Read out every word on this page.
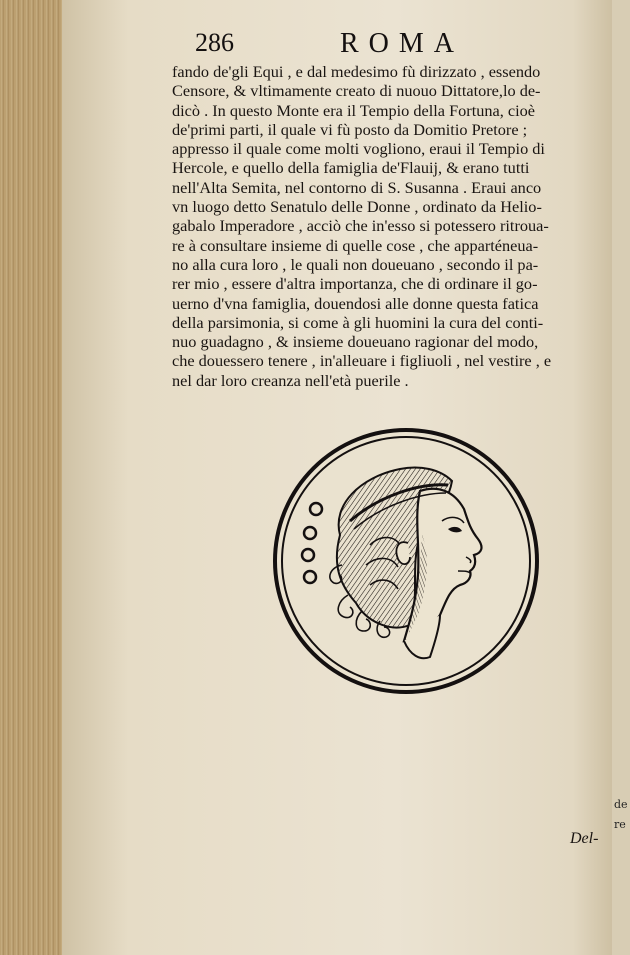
286	ROMA
fando de'gli Equi , e dal medesimo fù dirizzato , essendo
Censore, & vltimamente creato di nuouo Dittatore,lo de-
dicò . In questo Monte era il Tempio della Fortuna, cioè
de'primi parti, il quale vi fù posto da Domitio Pretore ;
appresso il quale come molti vogliono, eraui il Tempio di
Hercole, e quello della famiglia de'Flauij, & erano tutti
nell'Alta Semita, nel contorno di S. Susanna . Eraui anco
vn luogo detto Senatulo delle Donne , ordinato da Helio-
gabalo Imperadore , acciò che in'esso si potessero ritroua-
re à consultare insieme di quelle cose , che apparténeua-
no alla cura loro , le quali non doueuano , secondo il pa-
rer mio , essere d'altra importanza, che di ordinare il go-
uerno d'vna famiglia, douendosi alle donne questa fatica
della parsimonia, si come à gli huomini la cura del conti-
nuo guadagno , & insieme doueuano ragionar del modo,
che douessero tenere , in'alleuare i figliuoli , nel vestire , e
nel dar loro creanza nell'età puerile .
de
re
Del-
